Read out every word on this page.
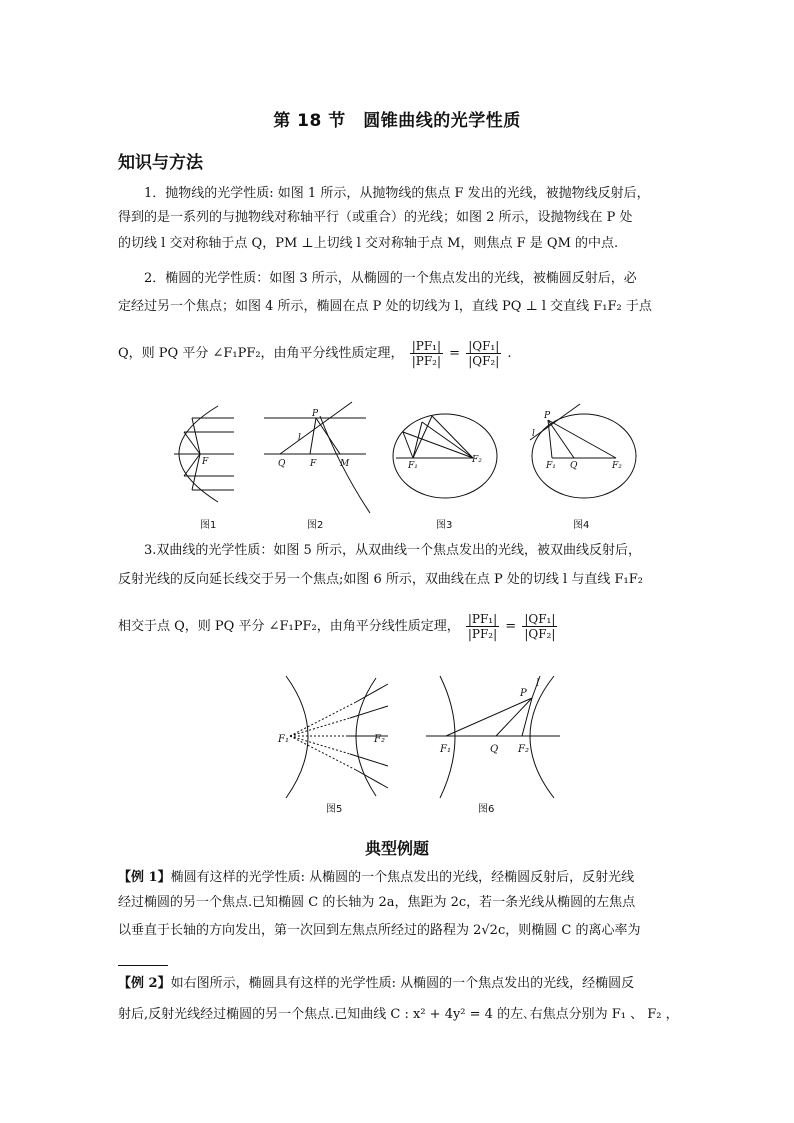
第 18 节　圆锥曲线的光学性质
知识与方法
1．抛物线的光学性质: 如图 1 所示，从抛物线的焦点 F 发出的光线，被抛物线反射后，
得到的是一系列的与抛物线对称轴平行（或重合）的光线；如图 2 所示，设抛物线在 P 处
的切线 l 交对称轴于点 Q，PM ⊥上切线 l 交对称轴于点 M，则焦点 F 是 QM 的中点.
2．椭圆的光学性质：如图 3 所示，从椭圆的一个焦点发出的光线，被椭圆反射后，必
定经过另一个焦点；如图 4 所示，椭圆在点 P 处的切线为 l，直线 PQ ⊥ l 交直线 F₁F₂ 于点
Q，则 PQ 平分 ∠F₁PF₂，由角平分线性质定理， $\frac{\text{|PF₁|}}{\text{|PF₂|}} = \frac{\text{|QF₁|}}{\text{|QF₂|}}$ .
F
P
l
Q	F	M	F₁
F₂
P
l
F₁ Q	F₂
图1	图2	图3	图4
3.双曲线的光学性质：如图 5 所示，从双曲线一个焦点发出的光线，被双曲线反射后，
反射光线的反向延长线交于另一个焦点;如图 6 所示，双曲线在点 P 处的切线 l 与直线 F₁F₂
相交于点 Q，则 PQ 平分 ∠F₁PF₂，由角平分线性质定理， $\frac{\text{|PF₁|}}{\text{|PF₂|}} = \frac{\text{|QF₁|}}{\text{|QF₂|}}$
F₁	F₂
F₁	Q F₂
P
l
图5	图6
典型例题
【例 1】椭圆有这样的光学性质: 从椭圆的一个焦点发出的光线，经椭圆反射后，反射光线
经过椭圆的另一个焦点.已知椭圆 C 的长轴为 2a，焦距为 2c，若一条光线从椭圆的左焦点
以垂直于长轴的方向发出，第一次回到左焦点所经过的路程为 2√2c，则椭圆 C 的离心率为
【例 2】如右图所示，椭圆具有这样的光学性质: 从椭圆的一个焦点发出的光线，经椭圆反
射后,反射光线经过椭圆的另一个焦点.已知曲线 C : x² + 4y² = 4 的左､右焦点分别为 F₁ 、 F₂ ，
